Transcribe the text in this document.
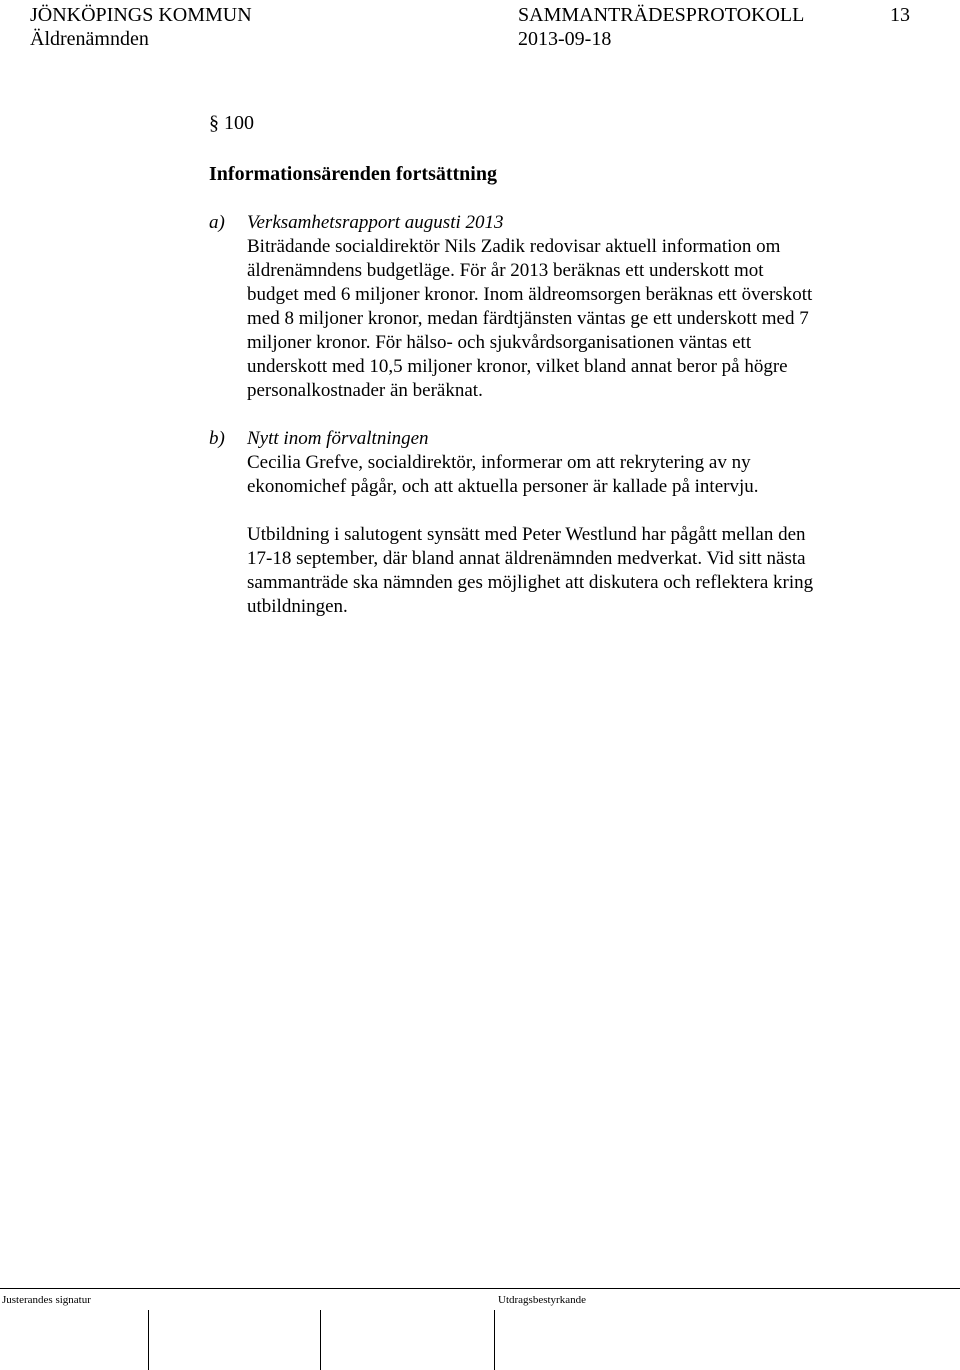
JÖNKÖPINGS KOMMUN
Äldrenämnden
SAMMANTRÄDESPROTOKOLL
2013-09-18
13
§ 100
Informationsärenden fortsättning
a) Verksamhetsrapport augusti 2013
Biträdande socialdirektör Nils Zadik redovisar aktuell information om
äldrenämndens budgetläge. För år 2013 beräknas ett underskott mot
budget med 6 miljoner kronor. Inom äldreomsorgen beräknas ett överskott
med 8 miljoner kronor, medan färdtjänsten väntas ge ett underskott med 7
miljoner kronor. För hälso- och sjukvårdsorganisationen väntas ett
underskott med 10,5 miljoner kronor, vilket bland annat beror på högre
personalkostnader än beräknat.
b) Nytt inom förvaltningen
Cecilia Grefve, socialdirektör, informerar om att rekrytering av ny
ekonomichef pågår, och att aktuella personer är kallade på intervju.
Utbildning i salutogent synsätt med Peter Westlund har pågått mellan den
17-18 september, där bland annat äldrenämnden medverkat. Vid sitt nästa
sammanträde ska nämnden ges möjlighet att diskutera och reflektera kring
utbildningen.
Justerandes signatur	Utdragsbestyrkande
